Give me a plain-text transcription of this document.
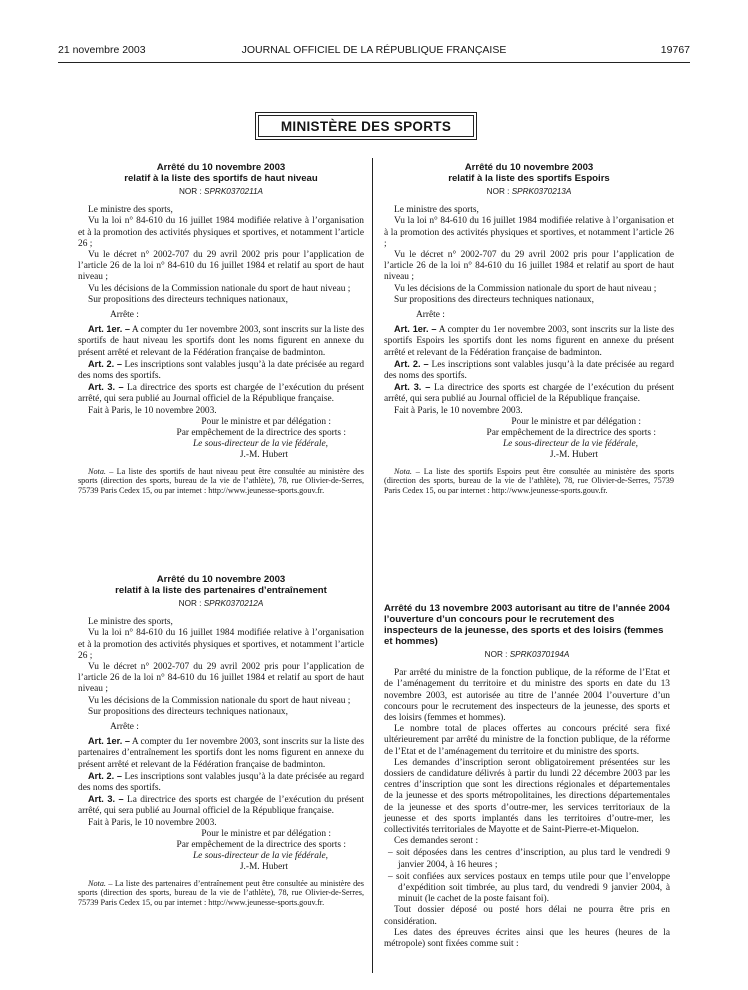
21 novembre 2003	JOURNAL OFFICIEL DE LA RÉPUBLIQUE FRANÇAISE	19767
MINISTÈRE DES SPORTS
Arrêté du 10 novembre 2003
relatif à la liste des sportifs de haut niveau
NOR : SPRK0370211A

Le ministre des sports,

Vu la loi n° 84-610 du 16 juillet 1984 modifiée relative à l’organisation et à la promotion des activités physiques et sportives, et notamment l’article 26 ;

Vu le décret n° 2002-707 du 29 avril 2002 pris pour l’application de l’article 26 de la loi n° 84-610 du 16 juillet 1984 et relatif au sport de haut niveau ;

Vu les décisions de la Commission nationale du sport de haut niveau ;

Sur propositions des directeurs techniques nationaux,

Arrête :

Art. 1er. – A compter du 1er novembre 2003, sont inscrits sur la liste des sportifs de haut niveau les sportifs dont les noms figurent en annexe du présent arrêté et relevant de la Fédération française de badminton.

Art. 2. – Les inscriptions sont valables jusqu’à la date précisée au regard des noms des sportifs.

Art. 3. – La directrice des sports est chargée de l’exécution du présent arrêté, qui sera publié au Journal officiel de la République française.

Fait à Paris, le 10 novembre 2003.

Pour le ministre et par délégation :
Par empêchement de la directrice des sports :
Le sous-directeur de la vie fédérale,
J.-M. Hubert
Nota. – La liste des sportifs de haut niveau peut être consultée au ministère des sports (direction des sports, bureau de la vie de l’athlète), 78, rue Olivier-de-Serres, 75739 Paris Cedex 15, ou par internet : http://www.jeunesse-sports.gouv.fr.
Arrêté du 10 novembre 2003
relatif à la liste des sportifs Espoirs
NOR : SPRK0370213A

Le ministre des sports,

Vu la loi n° 84-610 du 16 juillet 1984 modifiée relative à l’organisation et à la promotion des activités physiques et sportives, et notamment l’article 26 ;

Vu le décret n° 2002-707 du 29 avril 2002 pris pour l’application de l’article 26 de la loi n° 84-610 du 16 juillet 1984 et relatif au sport de haut niveau ;

Vu les décisions de la Commission nationale du sport de haut niveau ;

Sur propositions des directeurs techniques nationaux,

Arrête :

Art. 1er. – A compter du 1er novembre 2003, sont inscrits sur la liste des sportifs Espoirs les sportifs dont les noms figurent en annexe du présent arrêté et relevant de la Fédération française de badminton.

Art. 2. – Les inscriptions sont valables jusqu’à la date précisée au regard des noms des sportifs.

Art. 3. – La directrice des sports est chargée de l’exécution du présent arrêté, qui sera publié au Journal officiel de la République française.

Fait à Paris, le 10 novembre 2003.

Pour le ministre et par délégation :
Par empêchement de la directrice des sports :
Le sous-directeur de la vie fédérale,
J.-M. Hubert
Nota. – La liste des sportifs Espoirs peut être consultée au ministère des sports (direction des sports, bureau de la vie de l’athlète), 78, rue Olivier-de-Serres, 75739 Paris Cedex 15, ou par internet : http://www.jeunesse-sports.gouv.fr.
Arrêté du 10 novembre 2003
relatif à la liste des partenaires d’entraînement
NOR : SPRK0370212A

Le ministre des sports,

Vu la loi n° 84-610 du 16 juillet 1984 modifiée relative à l’organisation et à la promotion des activités physiques et sportives, et notamment l’article 26 ;

Vu le décret n° 2002-707 du 29 avril 2002 pris pour l’application de l’article 26 de la loi n° 84-610 du 16 juillet 1984 et relatif au sport de haut niveau ;

Vu les décisions de la Commission nationale du sport de haut niveau ;

Sur propositions des directeurs techniques nationaux,

Arrête :

Art. 1er. – A compter du 1er novembre 2003, sont inscrits sur la liste des partenaires d’entraînement les sportifs dont les noms figurent en annexe du présent arrêté et relevant de la Fédération française de badminton.

Art. 2. – Les inscriptions sont valables jusqu’à la date précisée au regard des noms des sportifs.

Art. 3. – La directrice des sports est chargée de l’exécution du présent arrêté, qui sera publié au Journal officiel de la République française.

Fait à Paris, le 10 novembre 2003.

Pour le ministre et par délégation :
Par empêchement de la directrice des sports :
Le sous-directeur de la vie fédérale,
J.-M. Hubert
Nota. – La liste des partenaires d’entraînement peut être consultée au ministère des sports (direction des sports, bureau de la vie de l’athlète), 78, rue Olivier-de-Serres, 75739 Paris Cedex 15, ou par internet : http://www.jeunesse-sports.gouv.fr.
Arrêté du 13 novembre 2003 autorisant au titre de l’année 2004 l’ouverture d’un concours pour le recrutement des inspecteurs de la jeunesse, des sports et des loisirs (femmes et hommes)
NOR : SPRK0370194A

Par arrêté du ministre de la fonction publique, de la réforme de l’Etat et de l’aménagement du territoire et du ministre des sports en date du 13 novembre 2003, est autorisée au titre de l’année 2004 l’ouverture d’un concours pour le recrutement des inspecteurs de la jeunesse, des sports et des loisirs (femmes et hommes).

Le nombre total de places offertes au concours précité sera fixé ultérieurement par arrêté du ministre de la fonction publique, de la réforme de l’Etat et de l’aménagement du territoire et du ministre des sports.

Les demandes d’inscription seront obligatoirement présentées sur les dossiers de candidature délivrés à partir du lundi 22 décembre 2003 par les centres d’inscription que sont les directions régionales et départementales de la jeunesse et des sports métropolitaines, les directions départementales de la jeunesse et des sports d’outre-mer, les services territoriaux de la jeunesse et des sports implantés dans les territoires d’outre-mer, les collectivités territoriales de Mayotte et de Saint-Pierre-et-Miquelon.

Ces demandes seront :

– soit déposées dans les centres d’inscription, au plus tard le vendredi 9 janvier 2004, à 16 heures ;

– soit confiées aux services postaux en temps utile pour que l’enveloppe d’expédition soit timbrée, au plus tard, du vendredi 9 janvier 2004, à minuit (le cachet de la poste faisant foi).

Tout dossier déposé ou posté hors délai ne pourra être pris en considération.

Les dates des épreuves écrites ainsi que les heures (heures de la métropole) sont fixées comme suit :
